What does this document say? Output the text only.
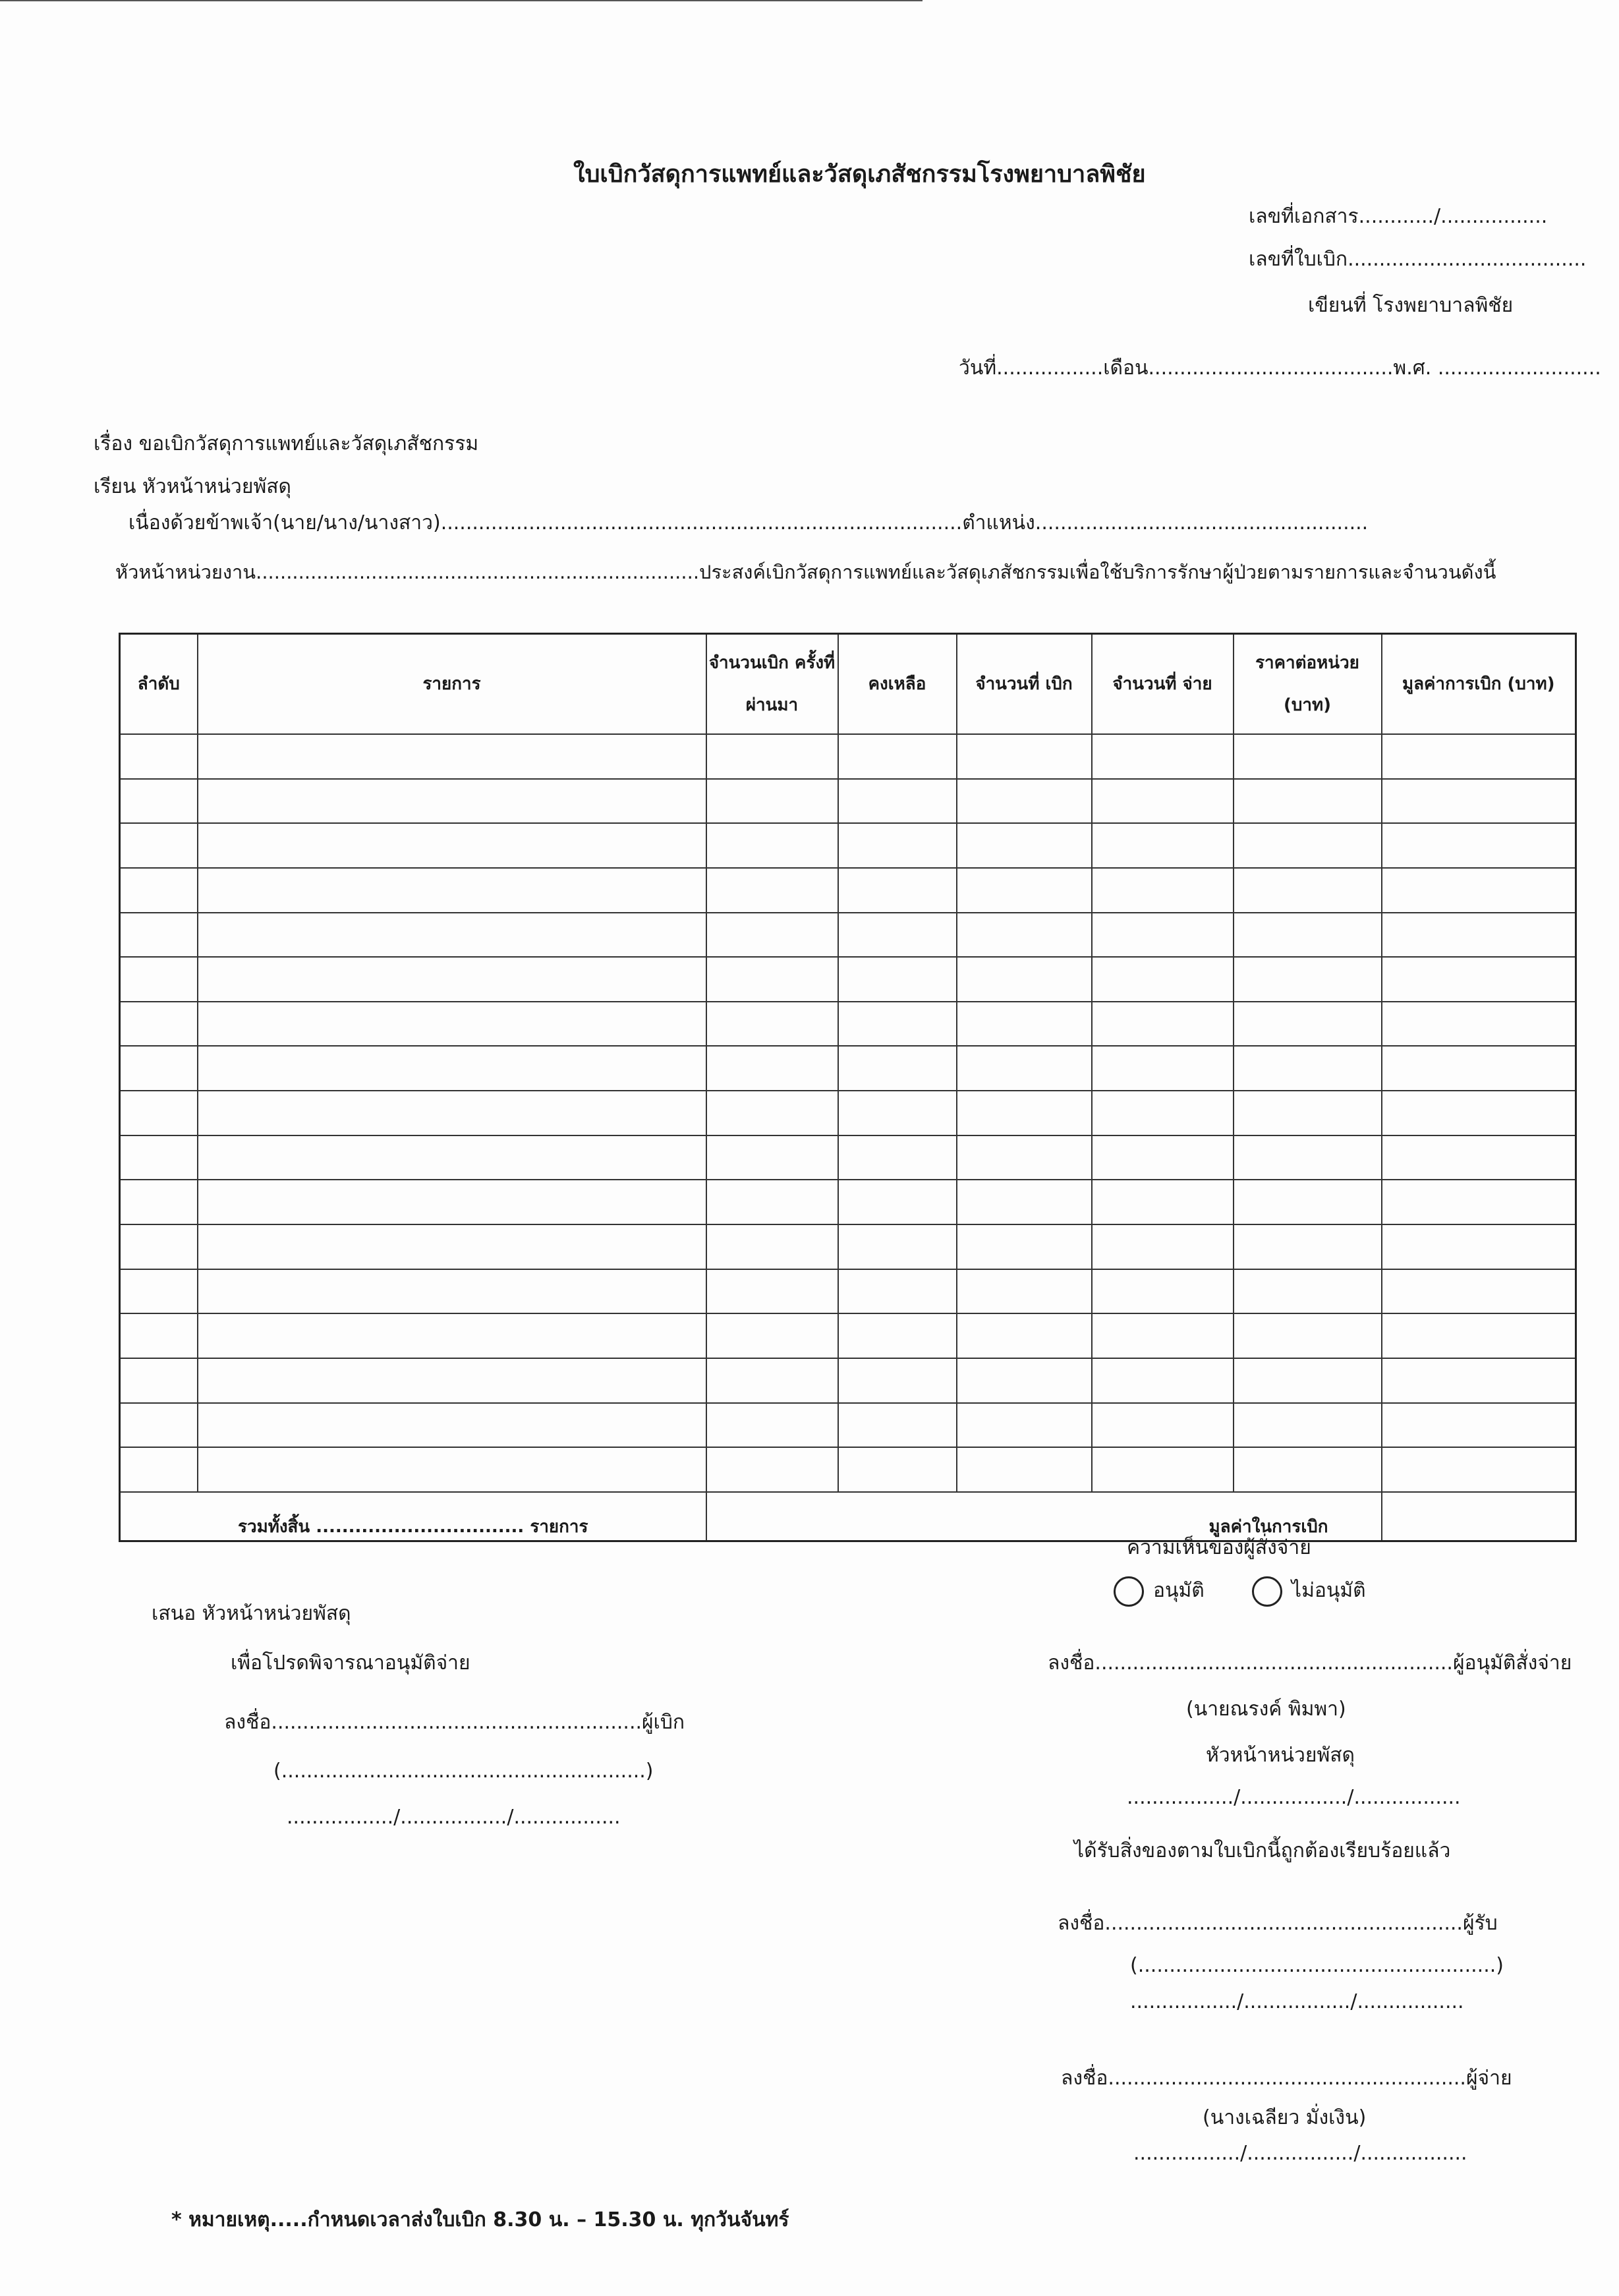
ใบเบิกวัสดุการแพทย์และวัสดุเภสัชกรรมโรงพยาบาลพิชัย
เลขที่เอกสาร............/.................
เลขที่ใบเบิก......................................
เขียนที่ โรงพยาบาลพิชัย
วันที่.................เดือน.......................................พ.ศ. ..........................
เรื่อง ขอเบิกวัสดุการแพทย์และวัสดุเภสัชกรรม
เรียน หัวหน้าหน่วยพัสดุ
เนื่องด้วยข้าพเจ้า(นาย/นาง/นางสาว)...................................................................................ตำแหน่ง.....................................................
หัวหน้าหน่วยงาน.........................................................................ประสงค์เบิกวัสดุการแพทย์และวัสดุเภสัชกรรมเพื่อใช้บริการรักษาผู้ป่วยตามรายการและจำนวนดังนี้
ลำดับ	รายการ	จำนวนเบิก ครั้งที่ผ่านมา	คงเหลือ	จำนวนที่ เบิก	จำนวนที่ จ่าย	ราคาต่อหน่วย (บาท)	มูลค่าการเบิก (บาท)

รวมทั้งสิ้น ................................ รายการ		มูลค่าในการเบิก					
ความเห็นของผู้สั่งจ่าย
อนุมัติ	ไม่อนุมัติ
เสนอ หัวหน้าหน่วยพัสดุ
เพื่อโปรดพิจารณาอนุมัติจ่าย
ลงชื่อ...........................................................ผู้เบิก
(..........................................................)
................./................./.................
ลงชื่อ.........................................................ผู้อนุมัติสั่งจ่าย
(นายณรงค์ พิมพา)
หัวหน้าหน่วยพัสดุ
................./................./.................
ได้รับสิ่งของตามใบเบิกนี้ถูกต้องเรียบร้อยแล้ว
ลงชื่อ.........................................................ผู้รับ
(.........................................................)
................./................./.................
ลงชื่อ.........................................................ผู้จ่าย
(นางเฉลียว มั่งเงิน)
................./................./.................
* หมายเหตุ.....กำหนดเวลาส่งใบเบิก 8.30 น. – 15.30 น. ทุกวันจันทร์
